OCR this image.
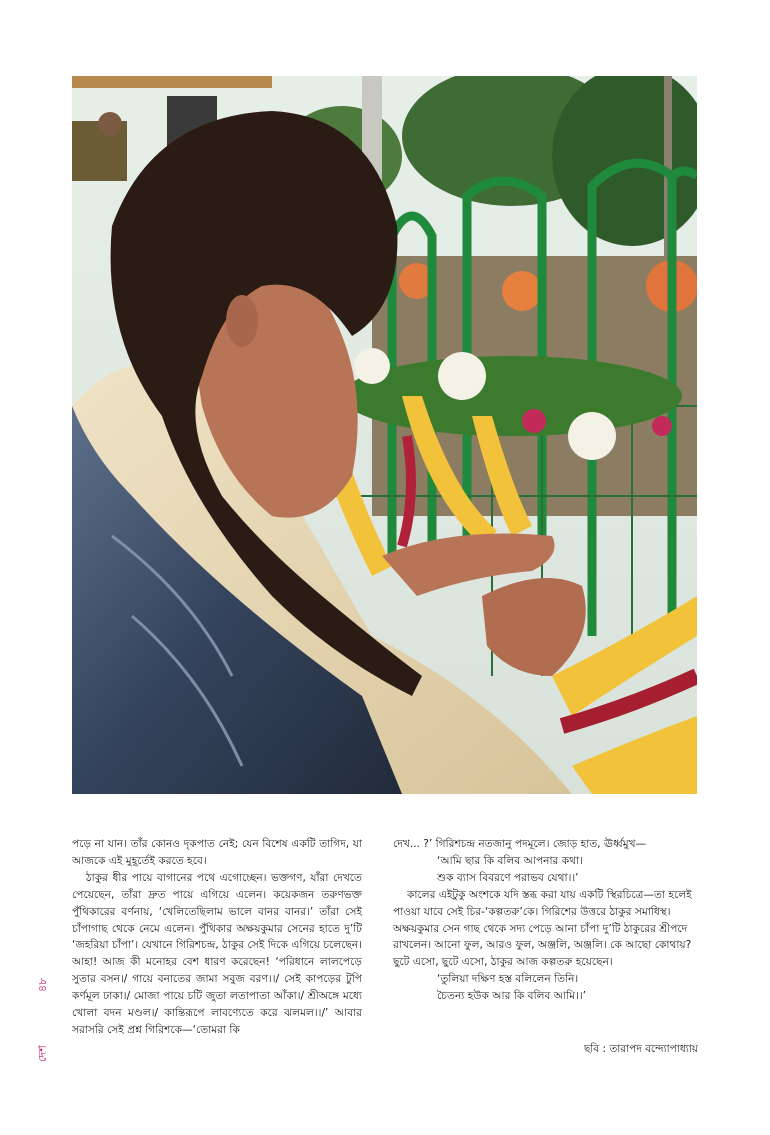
পড়ে না যান। তাঁর কোনও দৃকপাত নেই; যেন বিশেষ একটি তাগিদ, যা আজকে এই মুহূর্তেই করতে হবে।

ঠাকুর ধীর পায়ে বাগানের পথে এগোচ্ছেন। ভক্তগণ, যাঁরা দেখতে পেয়েছেন, তাঁরা দ্রুত পায়ে এগিয়ে এলেন। কয়েকজন তরুণভক্ত পুঁথিকারের বর্ণনায়, ‘খেলিতেছিলাম ভালে বানর বানর।’ তাঁরা সেই চাঁপাগাছ থেকে নেমে এলেন। পুঁথিকার অক্ষয়কুমার সেনের হাতে দু’টি ‘জহরিয়া চাঁপা’। যেখানে গিরিশচন্দ্র, ঠাকুর সেই দিকে এগিয়ে চলেছেন। আহা! আজ কী মনোহর বেশ ধারণ করেছেন! ‘পরিধানে লালপেড়ে সুতার বসন।/ গায়ে বনাতের জামা সবুজ বরণ।।/ সেই কাপড়ের টুপি কর্ণমূল ঢাকা।/ মোজা পায়ে চটি জুতা লতাপাতা আঁকা।/ শ্রীঅঙ্গে মধ্যে খোলা বদন মণ্ডল।/ কান্তিরূপে লাবণ্যেতে করে ঝলমল।।/’ আবার সরাসরি সেই প্রশ্ন গিরিশকে—‘তোমরা কি

দেখ... ?’ গিরিশচন্দ্র নতজানু পদমূলে। জোড় হাত, ঊর্ধ্বমুখ—

‘আমি ছার কি বলিব আপনার কথা।

শুক ব্যাস বিবরণে পরাভব যেথা।।’

কালের এইটুকু অংশকে যদি স্তব্ধ করা যায় একটি স্থিরচিত্রে—তা হলেই পাওয়া যাবে সেই চির-‘কল্পতরু’কে। গিরিশের উত্তরে ঠাকুর সমাধিস্থ। অক্ষয়কুমার সেন গাছ থেকে সদ্য পেড়ে আনা চাঁপা দু’টি ঠাকুরের শ্রীপদে রাখলেন। আনো ফুল, আরও ফুল, অঞ্জলি, অঞ্জলি। কে আছো কোথায়? ছুটে এসো, ছুটে এসো, ঠাকুর আজ কল্পতরু হয়েছেন।

‘তুলিয়া দক্ষিণ হস্ত বলিলেন তিনি।

চৈতন্য হউক আর কি বলিব আমি।।’

ছবি : তারাপদ বন্দ্যোপাধ্যায়
৪৮
দেশ
